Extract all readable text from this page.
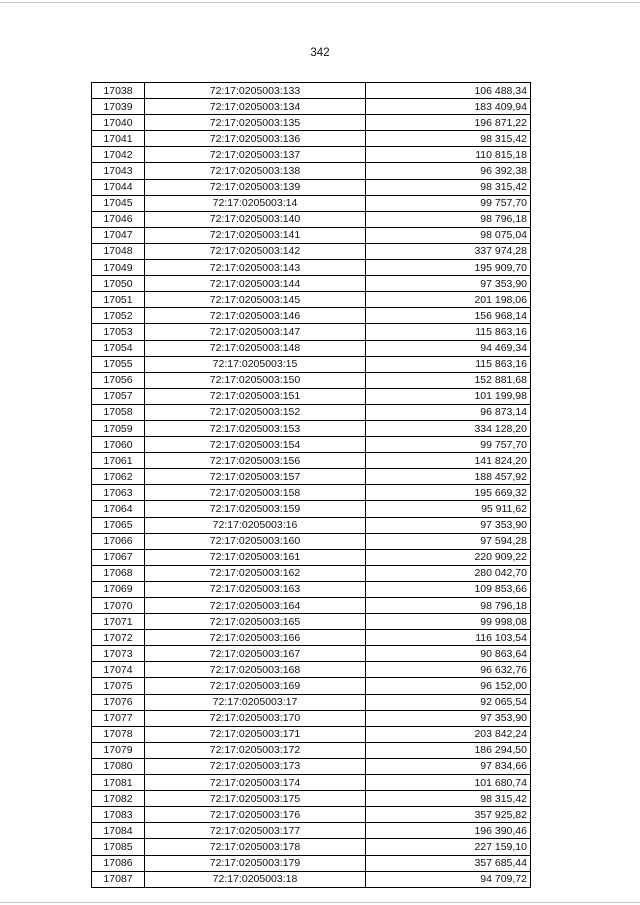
342
17038	72:17:0205003:133	106 488,34
17039	72:17:0205003:134	183 409,94
17040	72:17:0205003:135	196 871,22
17041	72:17:0205003:136	98 315,42
17042	72:17:0205003:137	110 815,18
17043	72:17:0205003:138	96 392,38
17044	72:17:0205003:139	98 315,42
17045	72:17:0205003:14	99 757,70
17046	72:17:0205003:140	98 796,18
17047	72:17:0205003:141	98 075,04
17048	72:17:0205003:142	337 974,28
17049	72:17:0205003:143	195 909,70
17050	72:17:0205003:144	97 353,90
17051	72:17:0205003:145	201 198,06
17052	72:17:0205003:146	156 968,14
17053	72:17:0205003:147	115 863,16
17054	72:17:0205003:148	94 469,34
17055	72:17:0205003:15	115 863,16
17056	72:17:0205003:150	152 881,68
17057	72:17:0205003:151	101 199,98
17058	72:17:0205003:152	96 873,14
17059	72:17:0205003:153	334 128,20
17060	72:17:0205003:154	99 757,70
17061	72:17:0205003:156	141 824,20
17062	72:17:0205003:157	188 457,92
17063	72:17:0205003:158	195 669,32
17064	72:17:0205003:159	95 911,62
17065	72:17:0205003:16	97 353,90
17066	72:17:0205003:160	97 594,28
17067	72:17:0205003:161	220 909,22
17068	72:17:0205003:162	280 042,70
17069	72:17:0205003:163	109 853,66
17070	72:17:0205003:164	98 796,18
17071	72:17:0205003:165	99 998,08
17072	72:17:0205003:166	116 103,54
17073	72:17:0205003:167	90 863,64
17074	72:17:0205003:168	96 632,76
17075	72:17:0205003:169	96 152,00
17076	72:17:0205003:17	92 065,54
17077	72:17:0205003:170	97 353,90
17078	72:17:0205003:171	203 842,24
17079	72:17:0205003:172	186 294,50
17080	72:17:0205003:173	97 834,66
17081	72:17:0205003:174	101 680,74
17082	72:17:0205003:175	98 315,42
17083	72:17:0205003:176	357 925,82
17084	72:17:0205003:177	196 390,46
17085	72:17:0205003:178	227 159,10
17086	72:17:0205003:179	357 685,44
17087	72:17:0205003:18	94 709,72
